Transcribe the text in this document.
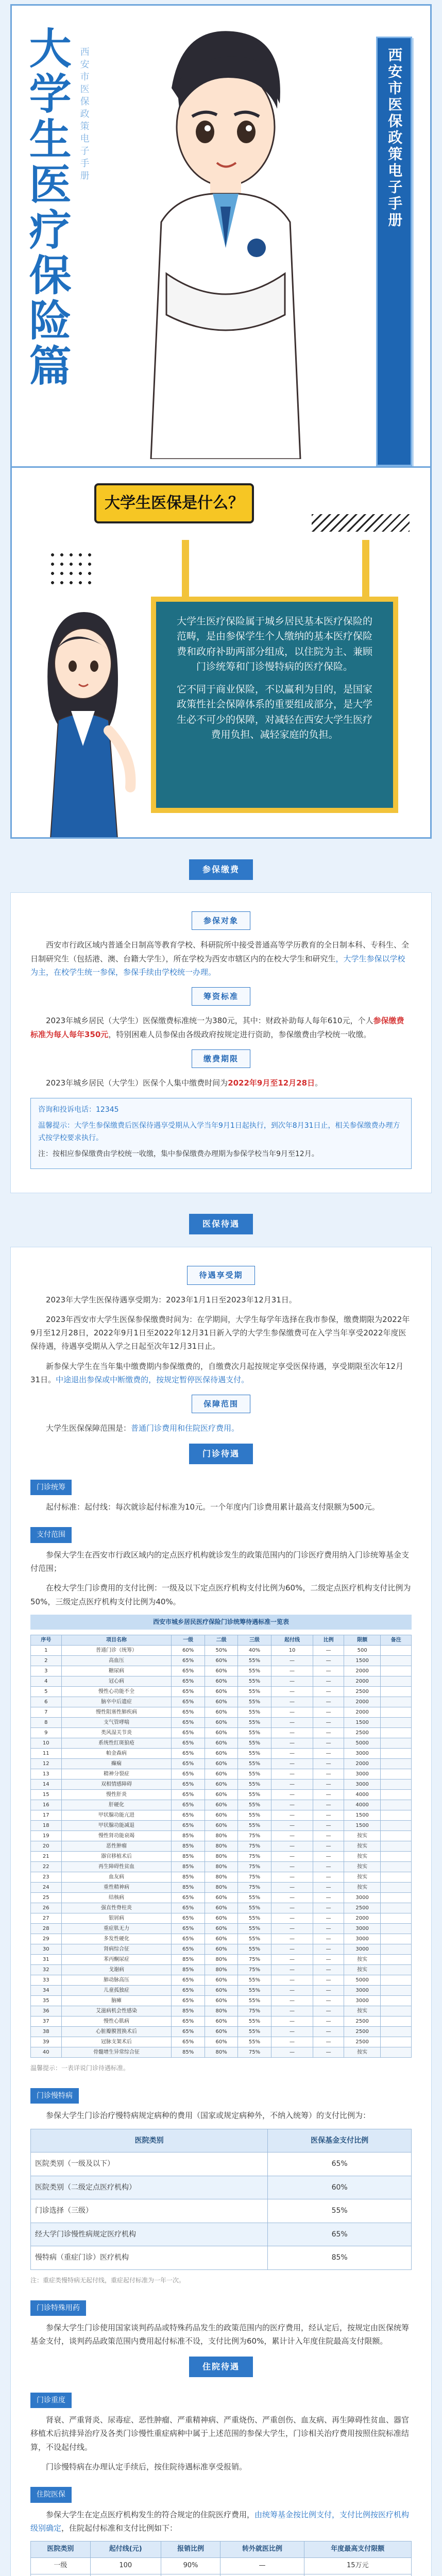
大学生医疗保险篇 西安市医保政策电子手册	西安市医保政策电子手册
大学生医保是什么？

大学生医疗保险属于城乡居民基本医疗保险的范畴，是由参保学生个人缴纳的基本医疗保险费和政府补助两部分组成，以住院为主、兼顾门诊统筹和门诊慢特病的医疗保险。

它不同于商业保险，不以赢利为目的，是国家政策性社会保障体系的重要组成部分，是大学生必不可少的保障，对减轻在西安大学生医疗费用负担、减轻家庭的负担。

参保缴费
参保对象

西安市行政区域内普通全日制高等教育学校、科研院所中接受普通高等学历教育的全日制本科、专科生、全日制研究生（包括港、澳、台籍大学生），所在学校为西安市辖区内的在校大学生和研究生，大学生参保以学校为主，在校学生统一参保，参保手续由学校统一办理。

筹资标准

2023年城乡居民（大学生）医保缴费标准统一为380元，其中：财政补助每人每年610元，个人参保缴费标准为每人每年350元，特别困难人员参保由各级政府按规定进行资助，参保缴费由学校统一收缴。

缴费期限

2023年城乡居民（大学生）医保个人集中缴费时间为2022年9月至12月28日。

咨询和投诉电话：12345

温馨提示：大学生参保缴费后医保待遇享受期从入学当年9月1日起执行，到次年8月31日止，相关参保缴费办理方式按学校要求执行。

注：按相应参保缴费由学校统一收缴，集中参保缴费办理期为参保学校当年9月至12月。

医保待遇
待遇享受期

2023年大学生医保待遇享受期为：2023年1月1日至2023年12月31日。

2023年西安市大学生医保参保缴费时间为：在学期间，大学生每学年选择在我市参保，缴费期限为2022年9月至12月28日，2022年9月1日至2022年12月31日新入学的大学生参保缴费可在入学当年享受2022年度医保待遇，待遇享受期从入学之日起至次年12月31日止。

新参保大学生在当年集中缴费期内参保缴费的，自缴费次月起按规定享受医保待遇，享受期限至次年12月31日。中途退出参保或中断缴费的，按规定暂停医保待遇支付。

保障范围

大学生医保保障范围是：普通门诊费用和住院医疗费用。

门诊待遇
门诊统筹

起付标准：起付线：每次就诊起付标准为10元。一个年度内门诊费用累计最高支付限额为500元。

支付范围

参保大学生在西安市行政区域内的定点医疗机构就诊发生的政策范围内的门诊医疗费用纳入门诊统筹基金支付范围；

在校大学生门诊费用的支付比例：一级及以下定点医疗机构支付比例为60%，二级定点医疗机构支付比例为50%，三级定点医疗机构支付比例为40%。

西安市城乡居民医疗保险门诊统筹待遇标准一览表
序号	项目名称	一级	二级	三级	起付线	比例	限额	备注
1	普通门诊（统筹）	60%	50%	40%	10	—	500	
2	高血压	65%	60%	55%	—	—	1500	
3	糖尿病	65%	60%	55%	—	—	2000	
4	冠心病	65%	60%	55%	—	—	2000	
5	慢性心功能不全	65%	60%	55%	—	—	2500	
6	脑卒中后遗症	65%	60%	55%	—	—	2000	
7	慢性阻塞性肺疾病	65%	60%	55%	—	—	2000	
8	支气管哮喘	65%	60%	55%	—	—	1500	
9	类风湿关节炎	65%	60%	55%	—	—	2500	
10	系统性红斑狼疮	65%	60%	55%	—	—	5000	
11	帕金森病	65%	60%	55%	—	—	3000	
12	癫痫	65%	60%	55%	—	—	2000	
13	精神分裂症	65%	60%	55%	—	—	3000	
14	双相情感障碍	65%	60%	55%	—	—	3000	
15	慢性肝炎	65%	60%	55%	—	—	4000	
16	肝硬化	65%	60%	55%	—	—	4000	
17	甲状腺功能亢进	65%	60%	55%	—	—	1500	
18	甲状腺功能减退	65%	60%	55%	—	—	1500	
19	慢性肾功能衰竭	85%	80%	75%	—	—	按实	
20	恶性肿瘤	85%	80%	75%	—	—	按实	
21	器官移植术后	85%	80%	75%	—	—	按实	
22	再生障碍性贫血	85%	80%	75%	—	—	按实	
23	血友病	85%	80%	75%	—	—	按实	
24	重性精神病	85%	80%	75%	—	—	按实	
25	结核病	65%	60%	55%	—	—	3000	
26	强直性脊柱炎	65%	60%	55%	—	—	2500	
27	银屑病	65%	60%	55%	—	—	2000	
28	重症肌无力	65%	60%	55%	—	—	3000	
29	多发性硬化	65%	60%	55%	—	—	3000	
30	肾病综合征	65%	60%	55%	—	—	3000	
31	苯丙酮尿症	85%	80%	75%	—	—	按实	
32	戈谢病	85%	80%	75%	—	—	按实	
33	肺动脉高压	65%	60%	55%	—	—	5000	
34	儿童孤独症	65%	60%	55%	—	—	3000	
35	脑瘫	65%	60%	55%	—	—	3000	
36	艾滋病机会性感染	85%	80%	75%	—	—	按实	
37	慢性心肌病	65%	60%	55%	—	—	2500	
38	心脏瓣膜置换术后	65%	60%	55%	—	—	2500	
39	冠脉支架术后	65%	60%	55%	—	—	2500	
40	骨髓增生异常综合征	85%	80%	75%	—	—	按实	
温馨提示：一表详说门诊待遇标准。
门诊慢特病

参保大学生门诊治疗慢特病规定病种的费用（国家或规定病种外，不纳入统筹）的支付比例为：

医院类别	医保基金支付比例
医院类别（一级及以下）	65%
医院类别（二级定点医疗机构）	60%
门诊选择（三级）	55%
经大学门诊慢性病规定医疗机构	65%
慢特病（重症门诊）医疗机构	85%
注：重症类慢特病无起付线，重症起付标准为一年一次。
门诊特殊用药

参保大学生门诊使用国家谈判药品或特殊药品发生的政策范围内的医疗费用，经认定后，按规定由医保统筹基金支付，谈判药品政策范围内费用起付标准不设，支付比例为60%，累计计入年度住院最高支付限额。

住院待遇
门诊重度

肾衰、严重肾炎、尿毒症、恶性肿瘤、严重精神病、严重烧伤、严重创伤、血友病、再生障碍性贫血、器官移植术后抗排异治疗及各类门诊慢性重症病种中属于上述范围的参保大学生，门诊相关治疗费用按照住院标准结算，不设起付线。

门诊慢特病在办理认定手续后，按住院待遇标准享受报销。

住院医保

参保大学生在定点医疗机构发生的符合规定的住院医疗费用，由统筹基金按比例支付，支付比例按医疗机构级别确定，住院起付标准和支付比例如下：

医院类别	起付线(元)	报销比例	转外就医比例	年度最高支付限额
一级	100	90%	—	15万元
